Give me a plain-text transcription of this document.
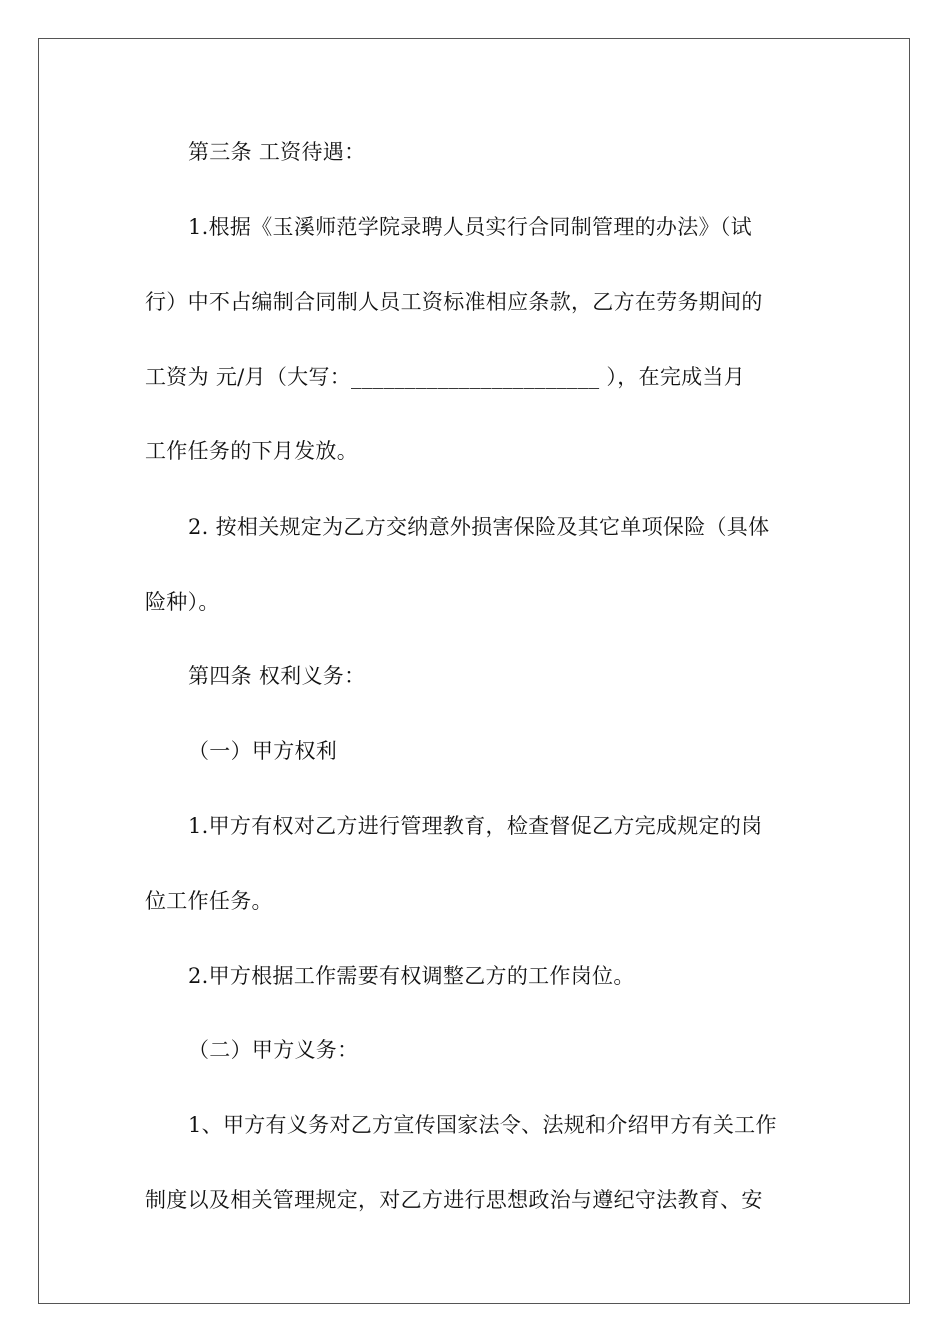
第三条 工资待遇：
1.根据《玉溪师范学院录聘人员实行合同制管理的办法》（试
行）中不占编制合同制人员工资标准相应条款，乙方在劳务期间的
工资为 元/月（大写：_______________________ ），在完成当月
工作任务的下月发放。
2. 按相关规定为乙方交纳意外损害保险及其它单项保险（具体
险种）。
第四条 权利义务：
（一）甲方权利
1.甲方有权对乙方进行管理教育，检查督促乙方完成规定的岗
位工作任务。
2.甲方根据工作需要有权调整乙方的工作岗位。
（二）甲方义务：
1、甲方有义务对乙方宣传国家法令、法规和介绍甲方有关工作
制度以及相关管理规定，对乙方进行思想政治与遵纪守法教育、安
